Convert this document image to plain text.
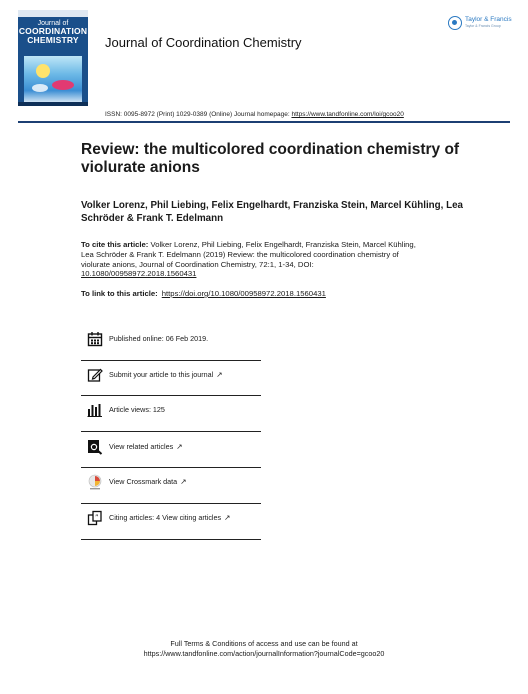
Journal of
COORDINATION
CHEMISTRY	Journal of Coordination Chemistry
Taylor & Francis
Taylor & Francis Group
ISSN: 0095-8972 (Print) 1029-0389 (Online) Journal homepage: https://www.tandfonline.com/loi/gcoo20
Review: the multicolored coordination chemistry of violurate anions
Volker Lorenz, Phil Liebing, Felix Engelhardt, Franziska Stein, Marcel Kühling, Lea Schröder & Frank T. Edelmann
To cite this article: Volker Lorenz, Phil Liebing, Felix Engelhardt, Franziska Stein, Marcel Kühling, Lea Schröder & Frank T. Edelmann (2019) Review: the multicolored coordination chemistry of violurate anions, Journal of Coordination Chemistry, 72:1, 1-34, DOI: 10.1080/00958972.2018.1560431
To link to this article: https://doi.org/10.1080/00958972.2018.1560431
Published online: 06 Feb 2019.
Submit your article to this journal ↗
Article views: 125
View related articles ↗
View Crossmark data ↗
” Citing articles: 4 View citing articles ↗
Full Terms & Conditions of access and use can be found at
https://www.tandfonline.com/action/journalInformation?journalCode=gcoo20
